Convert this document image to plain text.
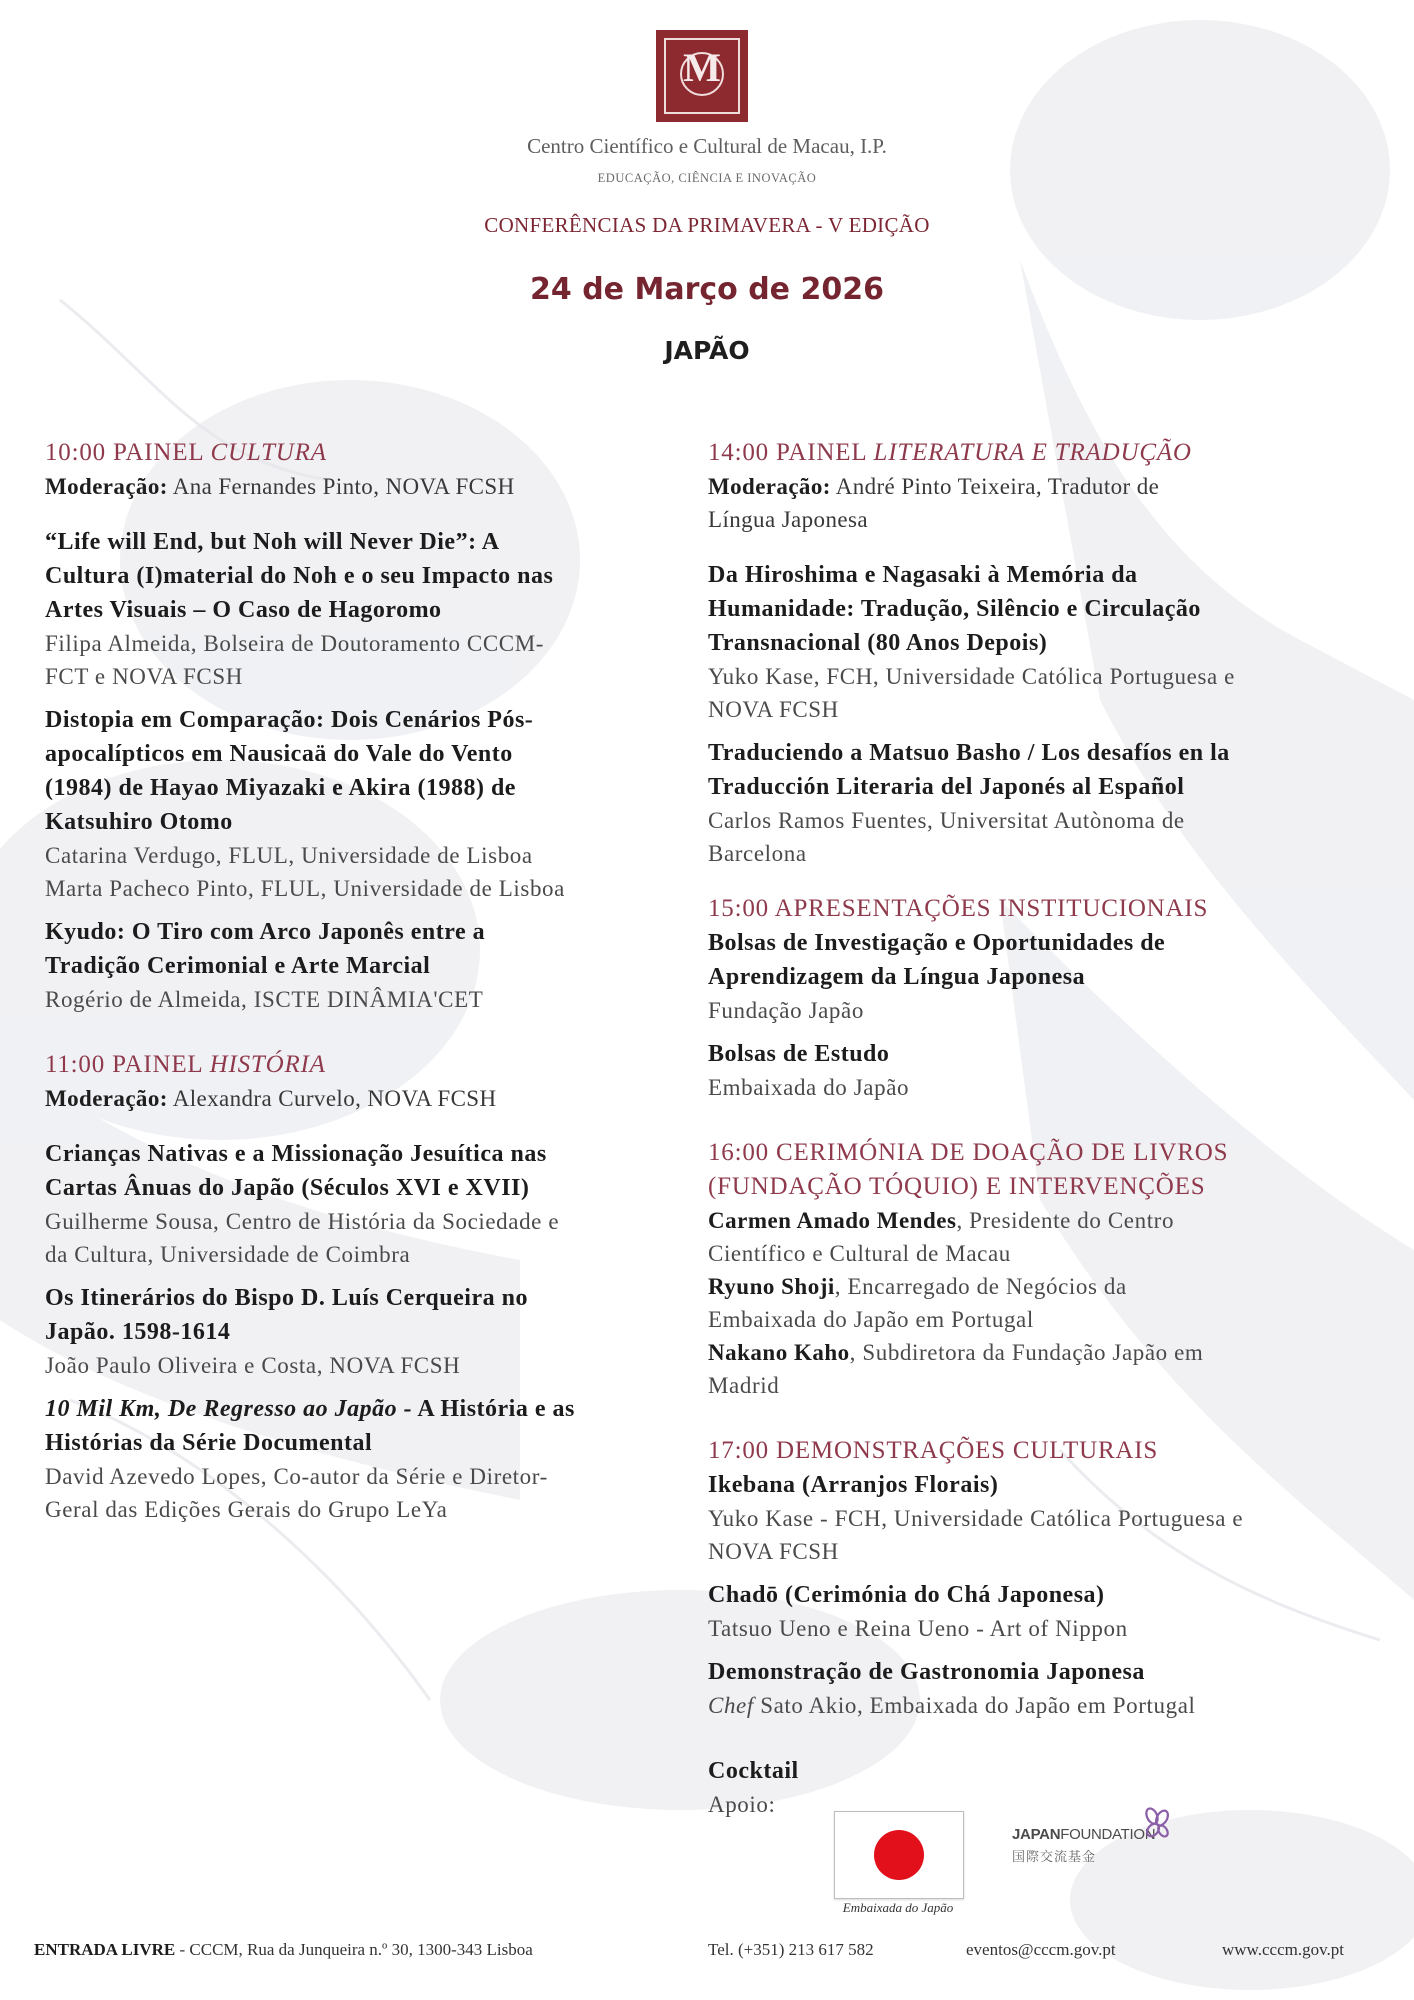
M
Centro Científico e Cultural de Macau, I.P.
EDUCAÇÃO, CIÊNCIA E INOVAÇÃO
CONFERÊNCIAS DA PRIMAVERA - V EDIÇÃO
24 de Março de 2026
JAPÃO
10:00 PAINEL CULTURA
Moderação: Ana Fernandes Pinto, NOVA FCSH
“Life will End, but Noh will Never Die”: A
Cultura (I)material do Noh e o seu Impacto nas
Artes Visuais – O Caso de Hagoromo
Filipa Almeida, Bolseira de Doutoramento CCCM-
FCT e NOVA FCSH
Distopia em Comparação: Dois Cenários Pós-
apocalípticos em Nausicaä do Vale do Vento
(1984) de Hayao Miyazaki e Akira (1988) de
Katsuhiro Otomo
Catarina Verdugo, FLUL, Universidade de Lisboa
Marta Pacheco Pinto, FLUL, Universidade de Lisboa
Kyudo: O Tiro com Arco Japonês entre a
Tradição Cerimonial e Arte Marcial
Rogério de Almeida, ISCTE DINÂMIA'CET
11:00 PAINEL HISTÓRIA
Moderação: Alexandra Curvelo, NOVA FCSH
Crianças Nativas e a Missionação Jesuítica nas
Cartas Ânuas do Japão (Séculos XVI e XVII)
Guilherme Sousa, Centro de História da Sociedade e
da Cultura, Universidade de Coimbra
Os Itinerários do Bispo D. Luís Cerqueira no
Japão. 1598-1614
João Paulo Oliveira e Costa, NOVA FCSH
10 Mil Km, De Regresso ao Japão - A História e as
Histórias da Série Documental
David Azevedo Lopes, Co-autor da Série e Diretor-
Geral das Edições Gerais do Grupo LeYa
14:00 PAINEL LITERATURA E TRADUÇÃO
Moderação: André Pinto Teixeira, Tradutor de
Língua Japonesa
Da Hiroshima e Nagasaki à Memória da
Humanidade: Tradução, Silêncio e Circulação
Transnacional (80 Anos Depois)
Yuko Kase, FCH, Universidade Católica Portuguesa e
NOVA FCSH
Traduciendo a Matsuo Basho / Los desafíos en la
Traducción Literaria del Japonés al Español
Carlos Ramos Fuentes, Universitat Autònoma de
Barcelona
15:00 APRESENTAÇÕES INSTITUCIONAIS
Bolsas de Investigação e Oportunidades de
Aprendizagem da Língua Japonesa
Fundação Japão
Bolsas de Estudo
Embaixada do Japão
16:00 CERIMÓNIA DE DOAÇÃO DE LIVROS
(FUNDAÇÃO TÓQUIO) E INTERVENÇÕES
Carmen Amado Mendes, Presidente do Centro
Científico e Cultural de Macau
Ryuno Shoji, Encarregado de Negócios da
Embaixada do Japão em Portugal
Nakano Kaho, Subdiretora da Fundação Japão em
Madrid
17:00 DEMONSTRAÇÕES CULTURAIS
Ikebana (Arranjos Florais)
Yuko Kase - FCH, Universidade Católica Portuguesa e
NOVA FCSH
Chadō (Cerimónia do Chá Japonesa)
Tatsuo Ueno e Reina Ueno - Art of Nippon
Demonstração de Gastronomia Japonesa
Chef Sato Akio, Embaixada do Japão em Portugal
Cocktail
Apoio:
Embaixada do Japão
JAPANFOUNDATION
国際交流基金
ENTRADA LIVRE - CCCM, Rua da Junqueira n.º 30, 1300-343 Lisboa	Tel. (+351) 213 617 582	eventos@cccm.gov.pt	www.cccm.gov.pt
